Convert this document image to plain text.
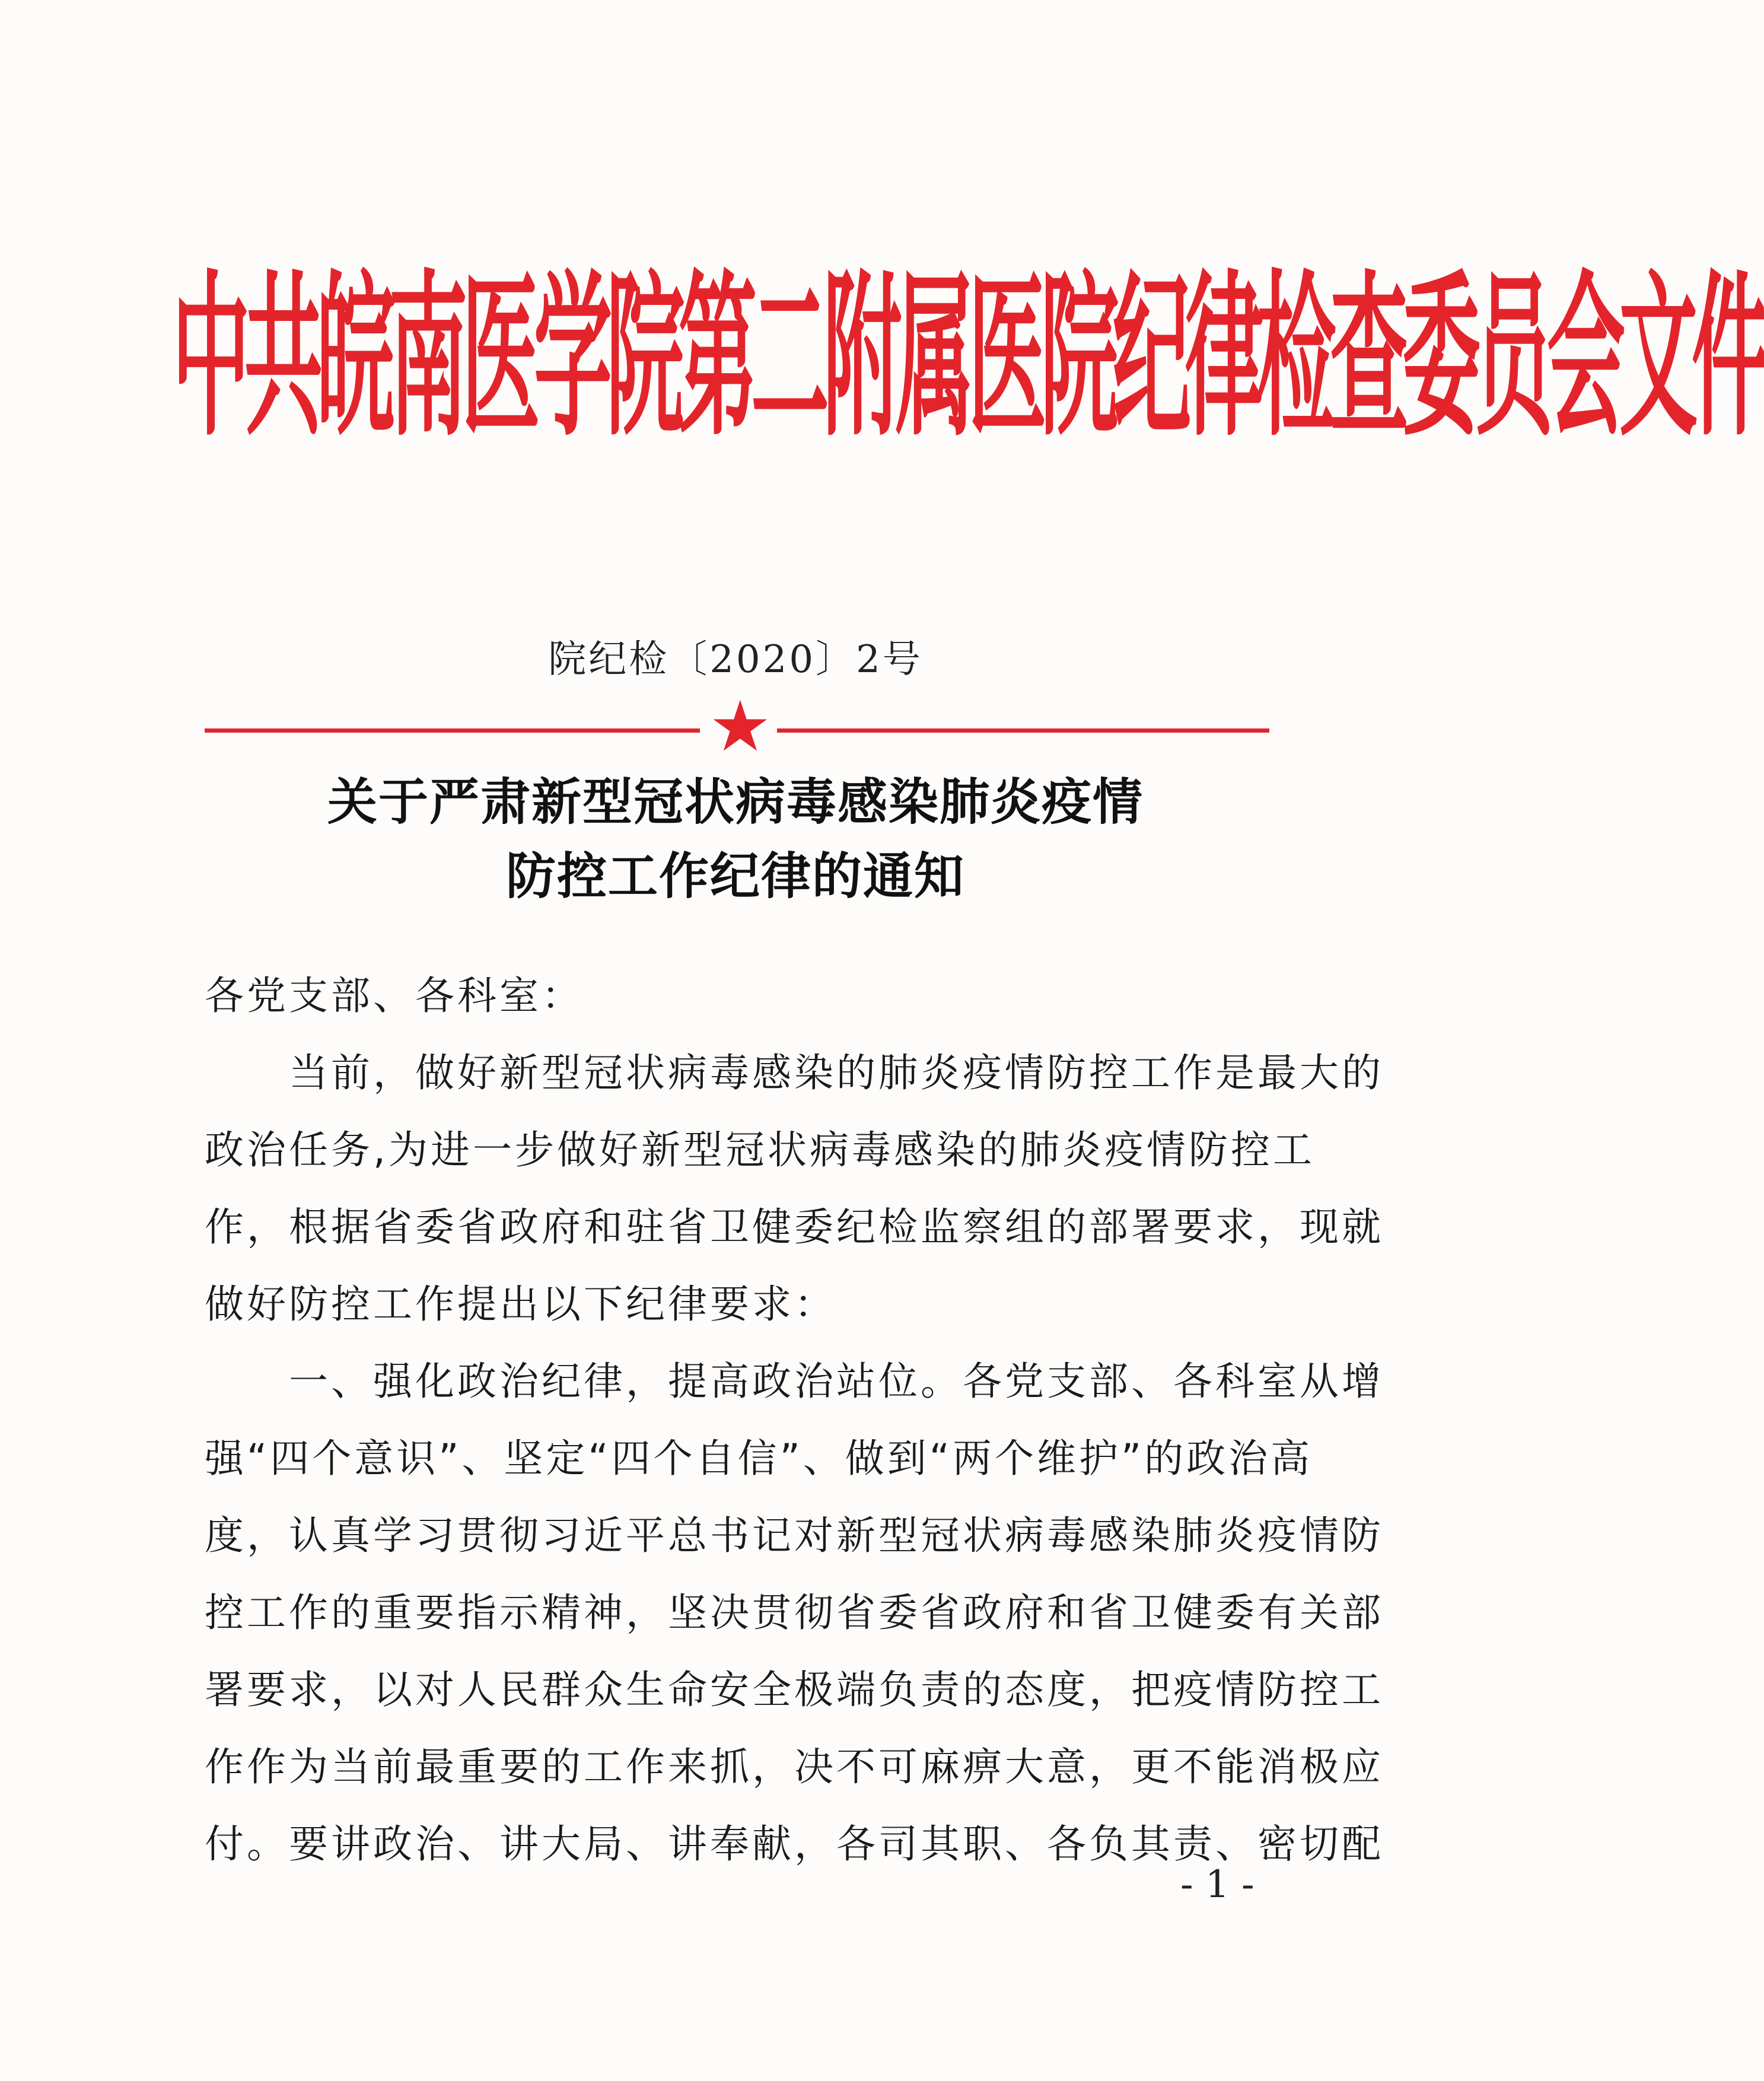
中共皖南医学院第二附属医院纪律检查委员会文件
院纪检〔2020〕2号
★
关于严肃新型冠状病毒感染肺炎疫情
防控工作纪律的通知
各党支部、各科室：
　　当前，做好新型冠状病毒感染的肺炎疫情防控工作是最大的
政治任务,为进一步做好新型冠状病毒感染的肺炎疫情防控工
作，根据省委省政府和驻省卫健委纪检监察组的部署要求，现就
做好防控工作提出以下纪律要求：
　　一、强化政治纪律，提高政治站位。各党支部、各科室从增
强“四个意识”、坚定“四个自信”、做到“两个维护”的政治高
度，认真学习贯彻习近平总书记对新型冠状病毒感染肺炎疫情防
控工作的重要指示精神，坚决贯彻省委省政府和省卫健委有关部
署要求，以对人民群众生命安全极端负责的态度，把疫情防控工
作作为当前最重要的工作来抓，决不可麻痹大意，更不能消极应
付。要讲政治、讲大局、讲奉献，各司其职、各负其责、密切配
- 1 -
